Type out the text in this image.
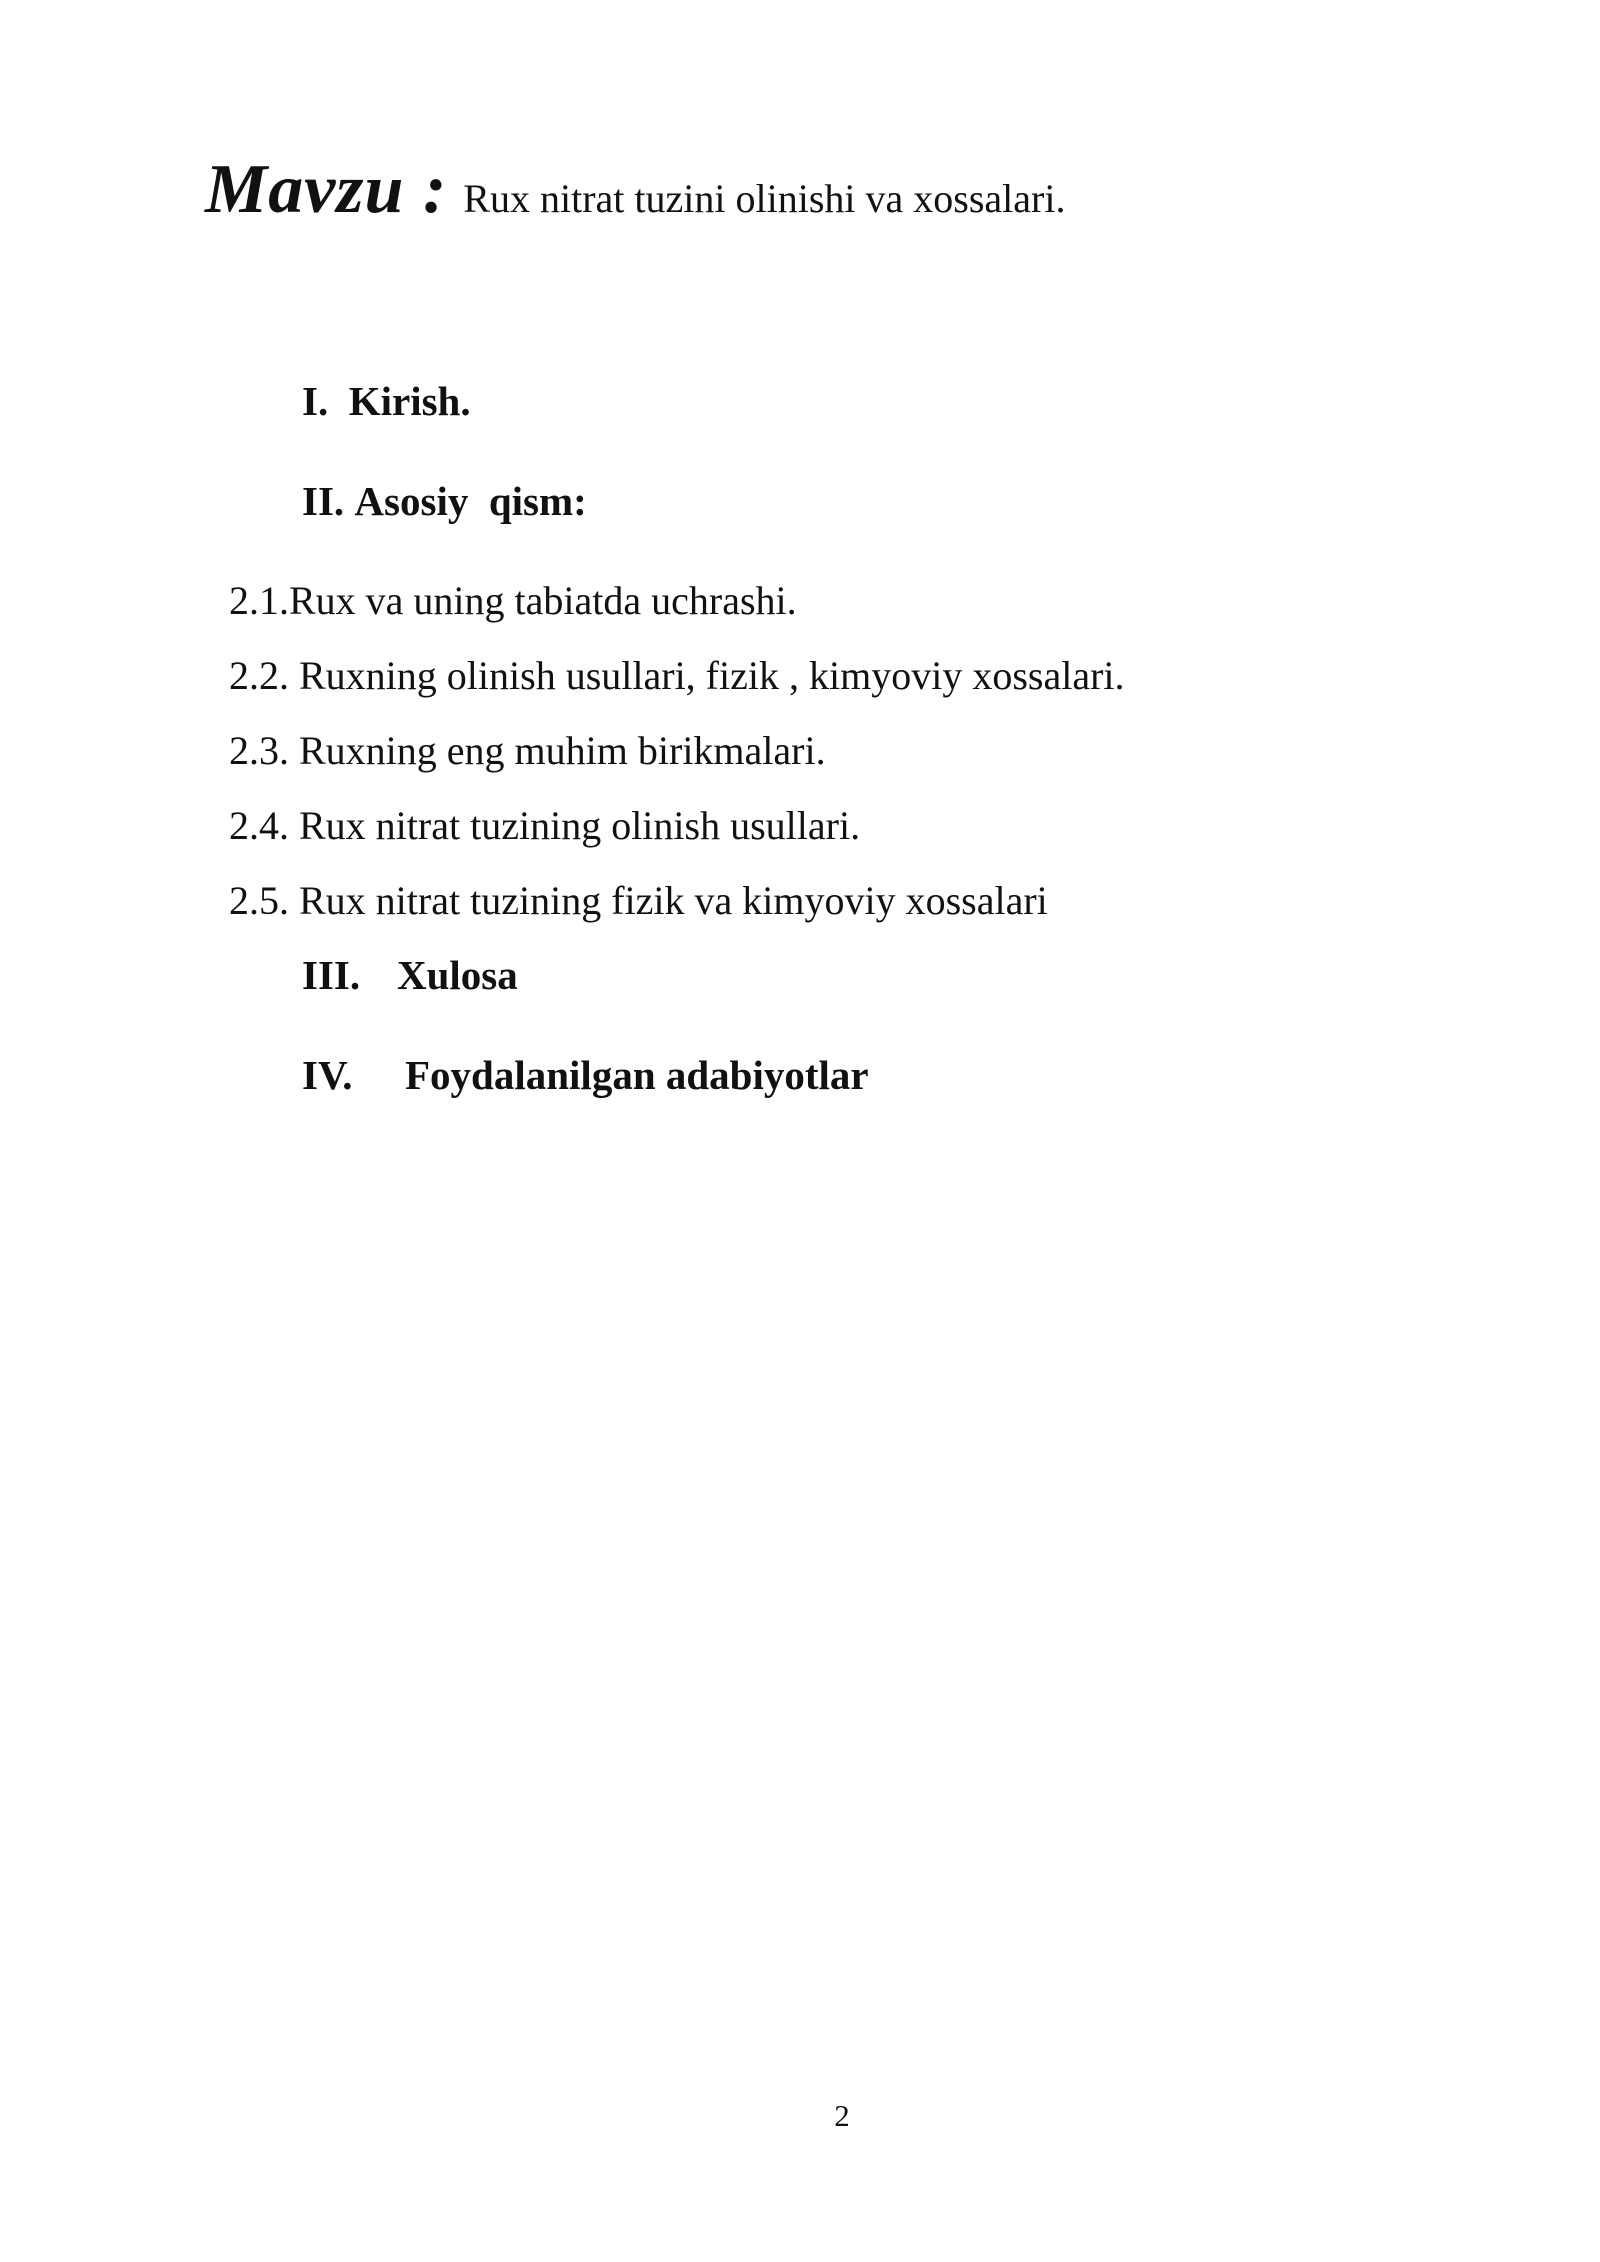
Mavzu : Rux nitrat tuzini olinishi va xossalari.
I. Kirish.
II. Asosiy  qism:
2.1.Rux va uning tabiatda uchrashi.
2.2. Ruxning olinish usullari, fizik , kimyoviy xossalari.
2.3. Ruxning eng muhim birikmalari.
2.4. Rux nitrat tuzining olinish usullari.
2.5. Rux nitrat tuzining fizik va kimyoviy xossalari
III. Xulosa
IV. Foydalanilgan adabiyotlar
2
